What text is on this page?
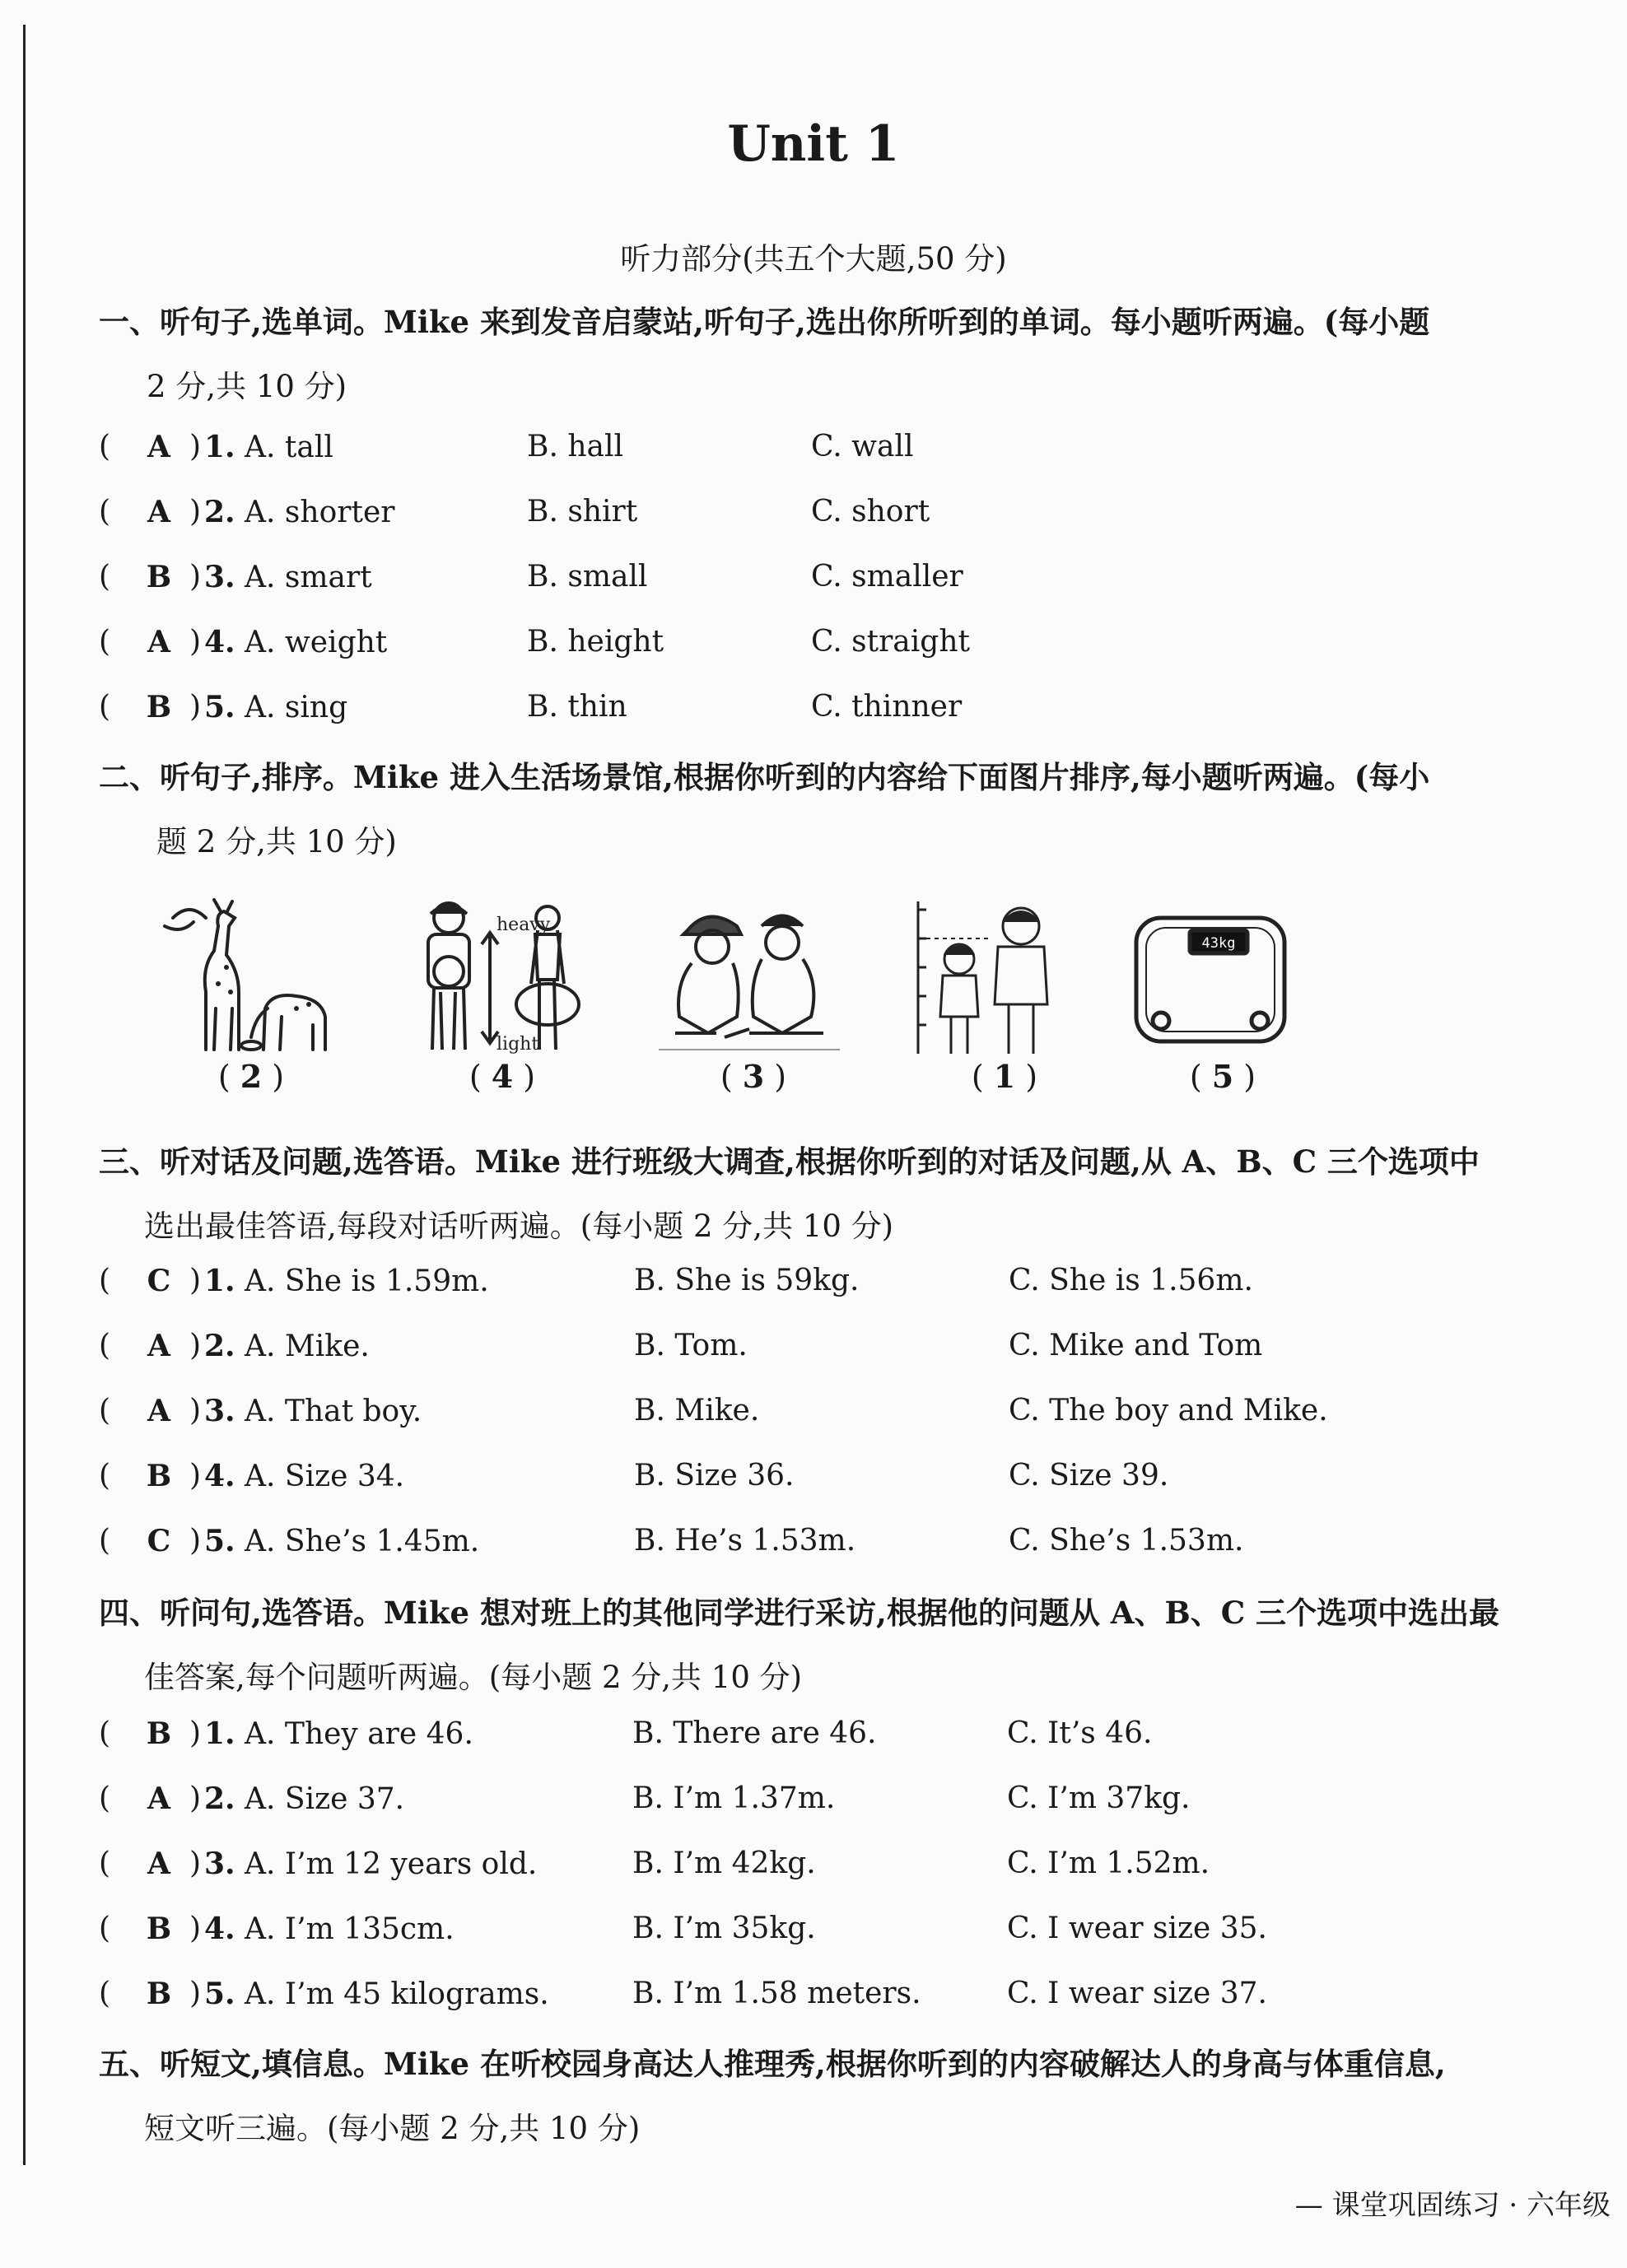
Unit 1
听力部分(共五个大题,50 分)
一、听句子,选单词。Mike 来到发音启蒙站,听句子,选出你所听到的单词。每小题听两遍。(每小题
2 分,共 10 分)
(	A ) 1. A. tall	B. hall	C. wall
(	A ) 2. A. shorter	B. shirt	C. short
(	B ) 3. A. smart	B. small	C. smaller
(	A ) 4. A. weight	B. height	C. straight
(	B ) 5. A. sing	B. thin	C. thinner
二、听句子,排序。Mike 进入生活场景馆,根据你听到的内容给下面图片排序,每小题听两遍。(每小
题 2 分,共 10 分)
heavy
light
43kg
( 2 )	( 4 )	( 3 )	( 1 )	( 5 )
三、听对话及问题,选答语。Mike 进行班级大调查,根据你听到的对话及问题,从 A、B、C 三个选项中
选出最佳答语,每段对话听两遍。(每小题 2 分,共 10 分)
(	C ) 1. A. She is 1.59m.	B. She is 59kg.	C. She is 1.56m.
(	A ) 2. A. Mike.	B. Tom.	C. Mike and Tom
(	A ) 3. A. That boy.	B. Mike.	C. The boy and Mike.
(	B ) 4. A. Size 34.	B. Size 36.	C. Size 39.
(	C ) 5. A. She’s 1.45m.	B. He’s 1.53m.	C. She’s 1.53m.
四、听问句,选答语。Mike 想对班上的其他同学进行采访,根据他的问题从 A、B、C 三个选项中选出最
佳答案,每个问题听两遍。(每小题 2 分,共 10 分)
(	B ) 1. A. They are 46.	B. There are 46.	C. It’s 46.
(	A ) 2. A. Size 37.	B. I’m 1.37m.	C. I’m 37kg.
(	A ) 3. A. I’m 12 years old.	B. I’m 42kg.	C. I’m 1.52m.
(	B ) 4. A. I’m 135cm.	B. I’m 35kg.	C. I wear size 35.
(	B ) 5. A. I’m 45 kilograms.	B. I’m 1.58 meters.	C. I wear size 37.
五、听短文,填信息。Mike 在听校园身高达人推理秀,根据你听到的内容破解达人的身高与体重信息,
短文听三遍。(每小题 2 分,共 10 分)
— 课堂巩固练习 · 六年级
